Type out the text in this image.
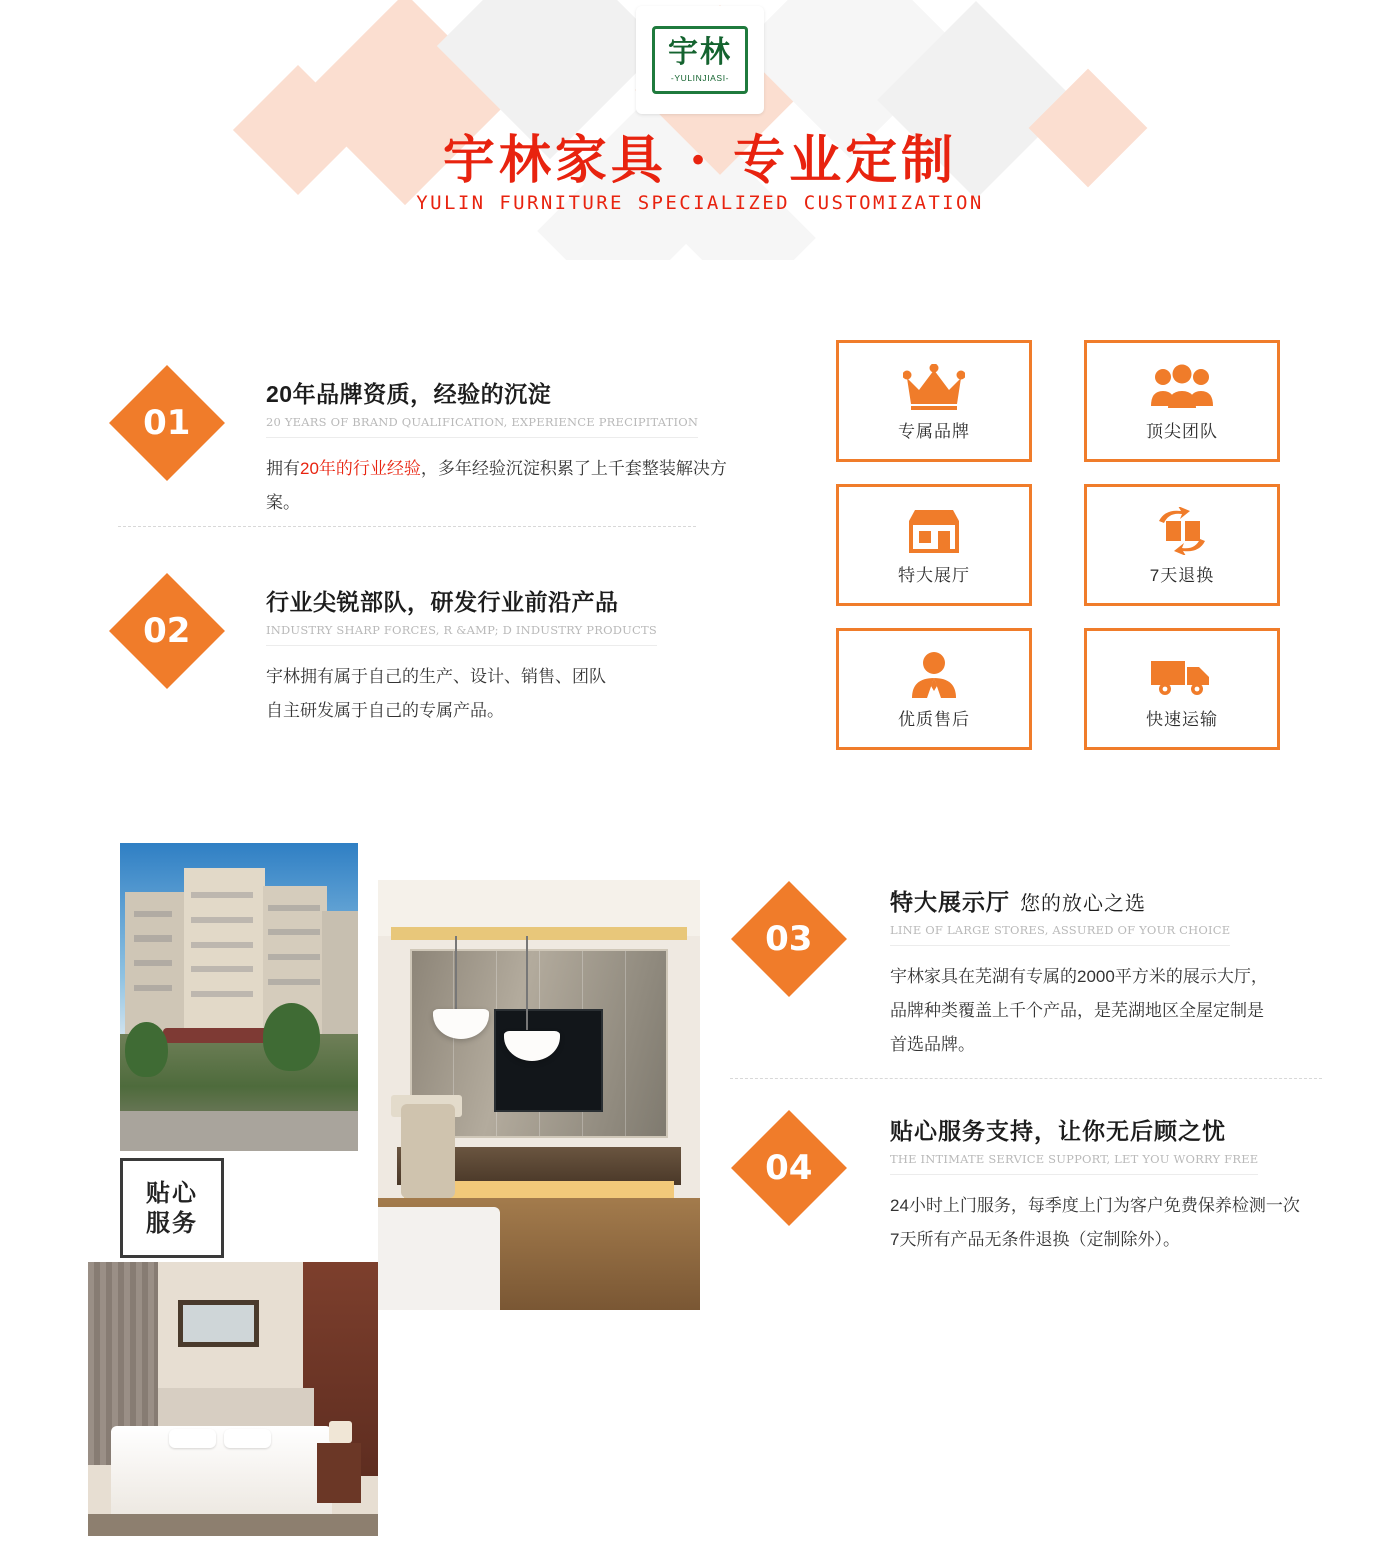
宇林
-YULINJIASI-
宇林家具 · 专业定制
YULIN FURNITURE SPECIALIZED CUSTOMIZATION
01
20年品牌资质，经验的沉淀
20 YEARS OF BRAND QUALIFICATION, EXPERIENCE PRECIPITATION
拥有20年的行业经验，多年经验沉淀积累了上千套整装解决方案。
02
行业尖锐部队，研发行业前沿产品
INDUSTRY SHARP FORCES, R &AMP; D INDUSTRY PRODUCTS
宇林拥有属于自己的生产、设计、销售、团队
自主研发属于自己的专属产品。
专属品牌	顶尖团队
特大展厅	7天退换
优质售后	快速运输
贴心
服务
03
特大展示厅 您的放心之选
LINE OF LARGE STORES, ASSURED OF YOUR CHOICE
宇林家具在芜湖有专属的2000平方米的展示大厅，
品牌种类覆盖上千个产品，是芜湖地区全屋定制是
首选品牌。
04
贴心服务支持，让你无后顾之忧
THE INTIMATE SERVICE SUPPORT, LET YOU WORRY FREE
24小时上门服务，每季度上门为客户免费保养检测一次
7天所有产品无条件退换（定制除外）。
